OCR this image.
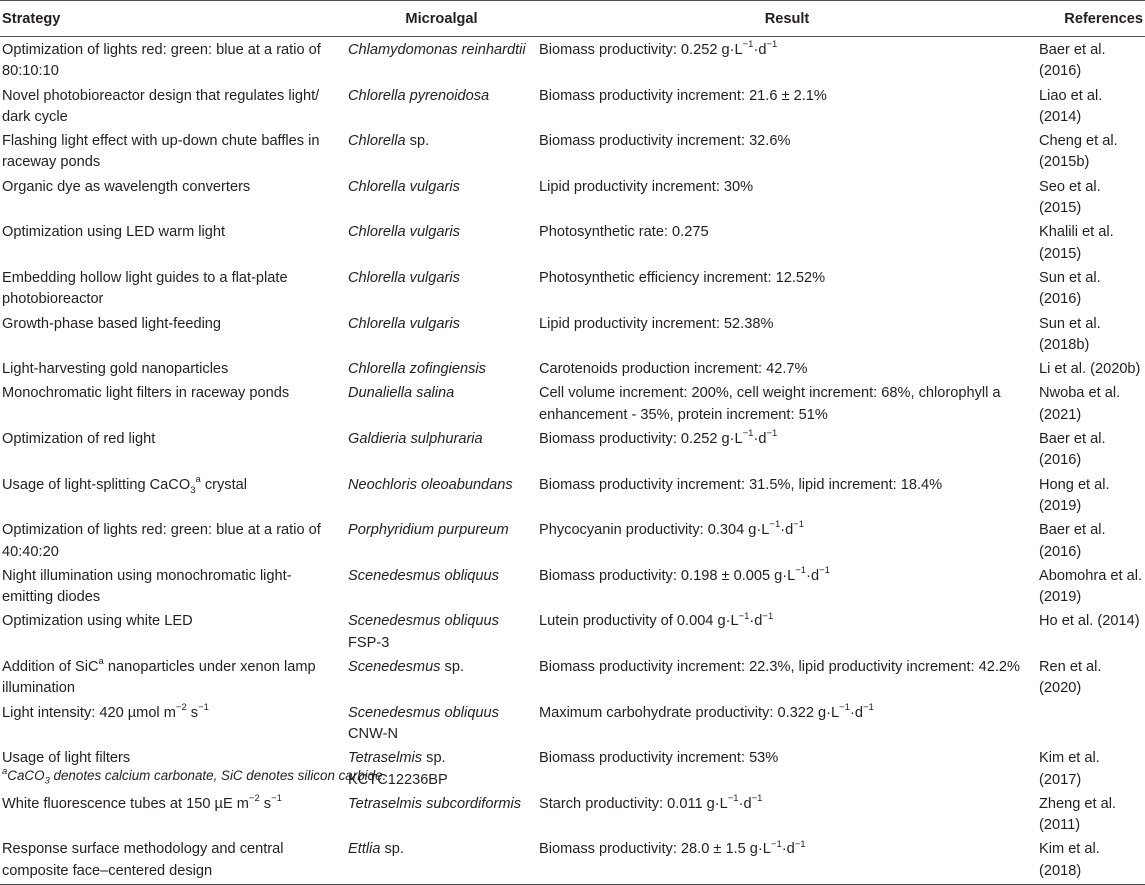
Strategy	Microalgal	Result	References
Optimization of lights red: green: blue at a ratio of 80:10:10	Chlamydomonas reinhardtii	Biomass productivity: 0.252 $g\cdot L^{-1}\cdot d^{-1}$	Baer et al. (2016)
Novel photobioreactor design that regulates light/ dark cycle	Chlorella pyrenoidosa	Biomass productivity increment: 21.6 ± 2.1%	Liao et al. (2014)
Flashing light effect with up-down chute baffles in raceway ponds	Chlorella sp.	Biomass productivity increment: 32.6%	Cheng et al. (2015b)
Organic dye as wavelength converters	Chlorella vulgaris	Lipid productivity increment: 30%	Seo et al. (2015)
Optimization using LED warm light	Chlorella vulgaris	Photosynthetic rate: 0.275	Khalili et al. (2015)
Embedding hollow light guides to a flat-plate photobioreactor	Chlorella vulgaris	Photosynthetic efficiency increment: 12.52%	Sun et al. (2016)
Growth-phase based light-feeding	Chlorella vulgaris	Lipid productivity increment: 52.38%	Sun et al. (2018b)
Light-harvesting gold nanoparticles	Chlorella zofingiensis	Carotenoids production increment: 42.7%	Li et al. (2020b)
Monochromatic light filters in raceway ponds	Dunaliella salina	Cell volume increment: 200%, cell weight increment: 68%, chlorophyll a enhancement - 35%, protein increment: 51%	Nwoba et al. (2021)
Optimization of red light	Galdieria sulphuraria	Biomass productivity: 0.252 $g\cdot L^{-1}\cdot d^{-1}$	Baer et al. (2016)
Usage of light-splitting CaCO$_3^a$ crystal	Neochloris oleoabundans	Biomass productivity increment: 31.5%, lipid increment: 18.4%	Hong et al. (2019)
Optimization of lights red: green: blue at a ratio of 40:40:20	Porphyridium purpureum	Phycocyanin productivity: 0.304 $g\cdot L^{-1}\cdot d^{-1}$	Baer et al. (2016)
Night illumination using monochromatic light-emitting diodes	Scenedesmus obliquus	Biomass productivity: 0.198 ± 0.005 $g\cdot L^{-1}\cdot d^{-1}$	Abomohra et al. (2019)
Optimization using white LED	Scenedesmus obliquus FSP-3	Lutein productivity of 0.004 $g\cdot L^{-1}\cdot d^{-1}$	Ho et al. (2014)
Addition of SiC$^a$ nanoparticles under xenon lamp illumination	Scenedesmus sp.	Biomass productivity increment: 22.3%, lipid productivity increment: 42.2%	Ren et al. (2020)
Light intensity: 420 µmol $m^{-2}$ $s^{-1}$	Scenedesmus obliquus CNW-N	Maximum carbohydrate productivity: 0.322 $g\cdot L^{-1}\cdot d^{-1}$	
Usage of light filters	Tetraselmis sp. KCTC12236BP	Biomass productivity increment: 53%	Kim et al. (2017)
White fluorescence tubes at 150 µE $m^{-2}$ $s^{-1}$	Tetraselmis subcordiformis	Starch productivity: 0.011 $g\cdot L^{-1}\cdot d^{-1}$	Zheng et al. (2011)
Response surface methodology and central composite face–centered design	Ettlia sp.	Biomass productivity: 28.0 ± 1.5 $g\cdot L^{-1}\cdot d^{-1}$	Kim et al. (2018)
$^a$CaCO$_3$ denotes calcium carbonate, SiC denotes silicon carbide.
